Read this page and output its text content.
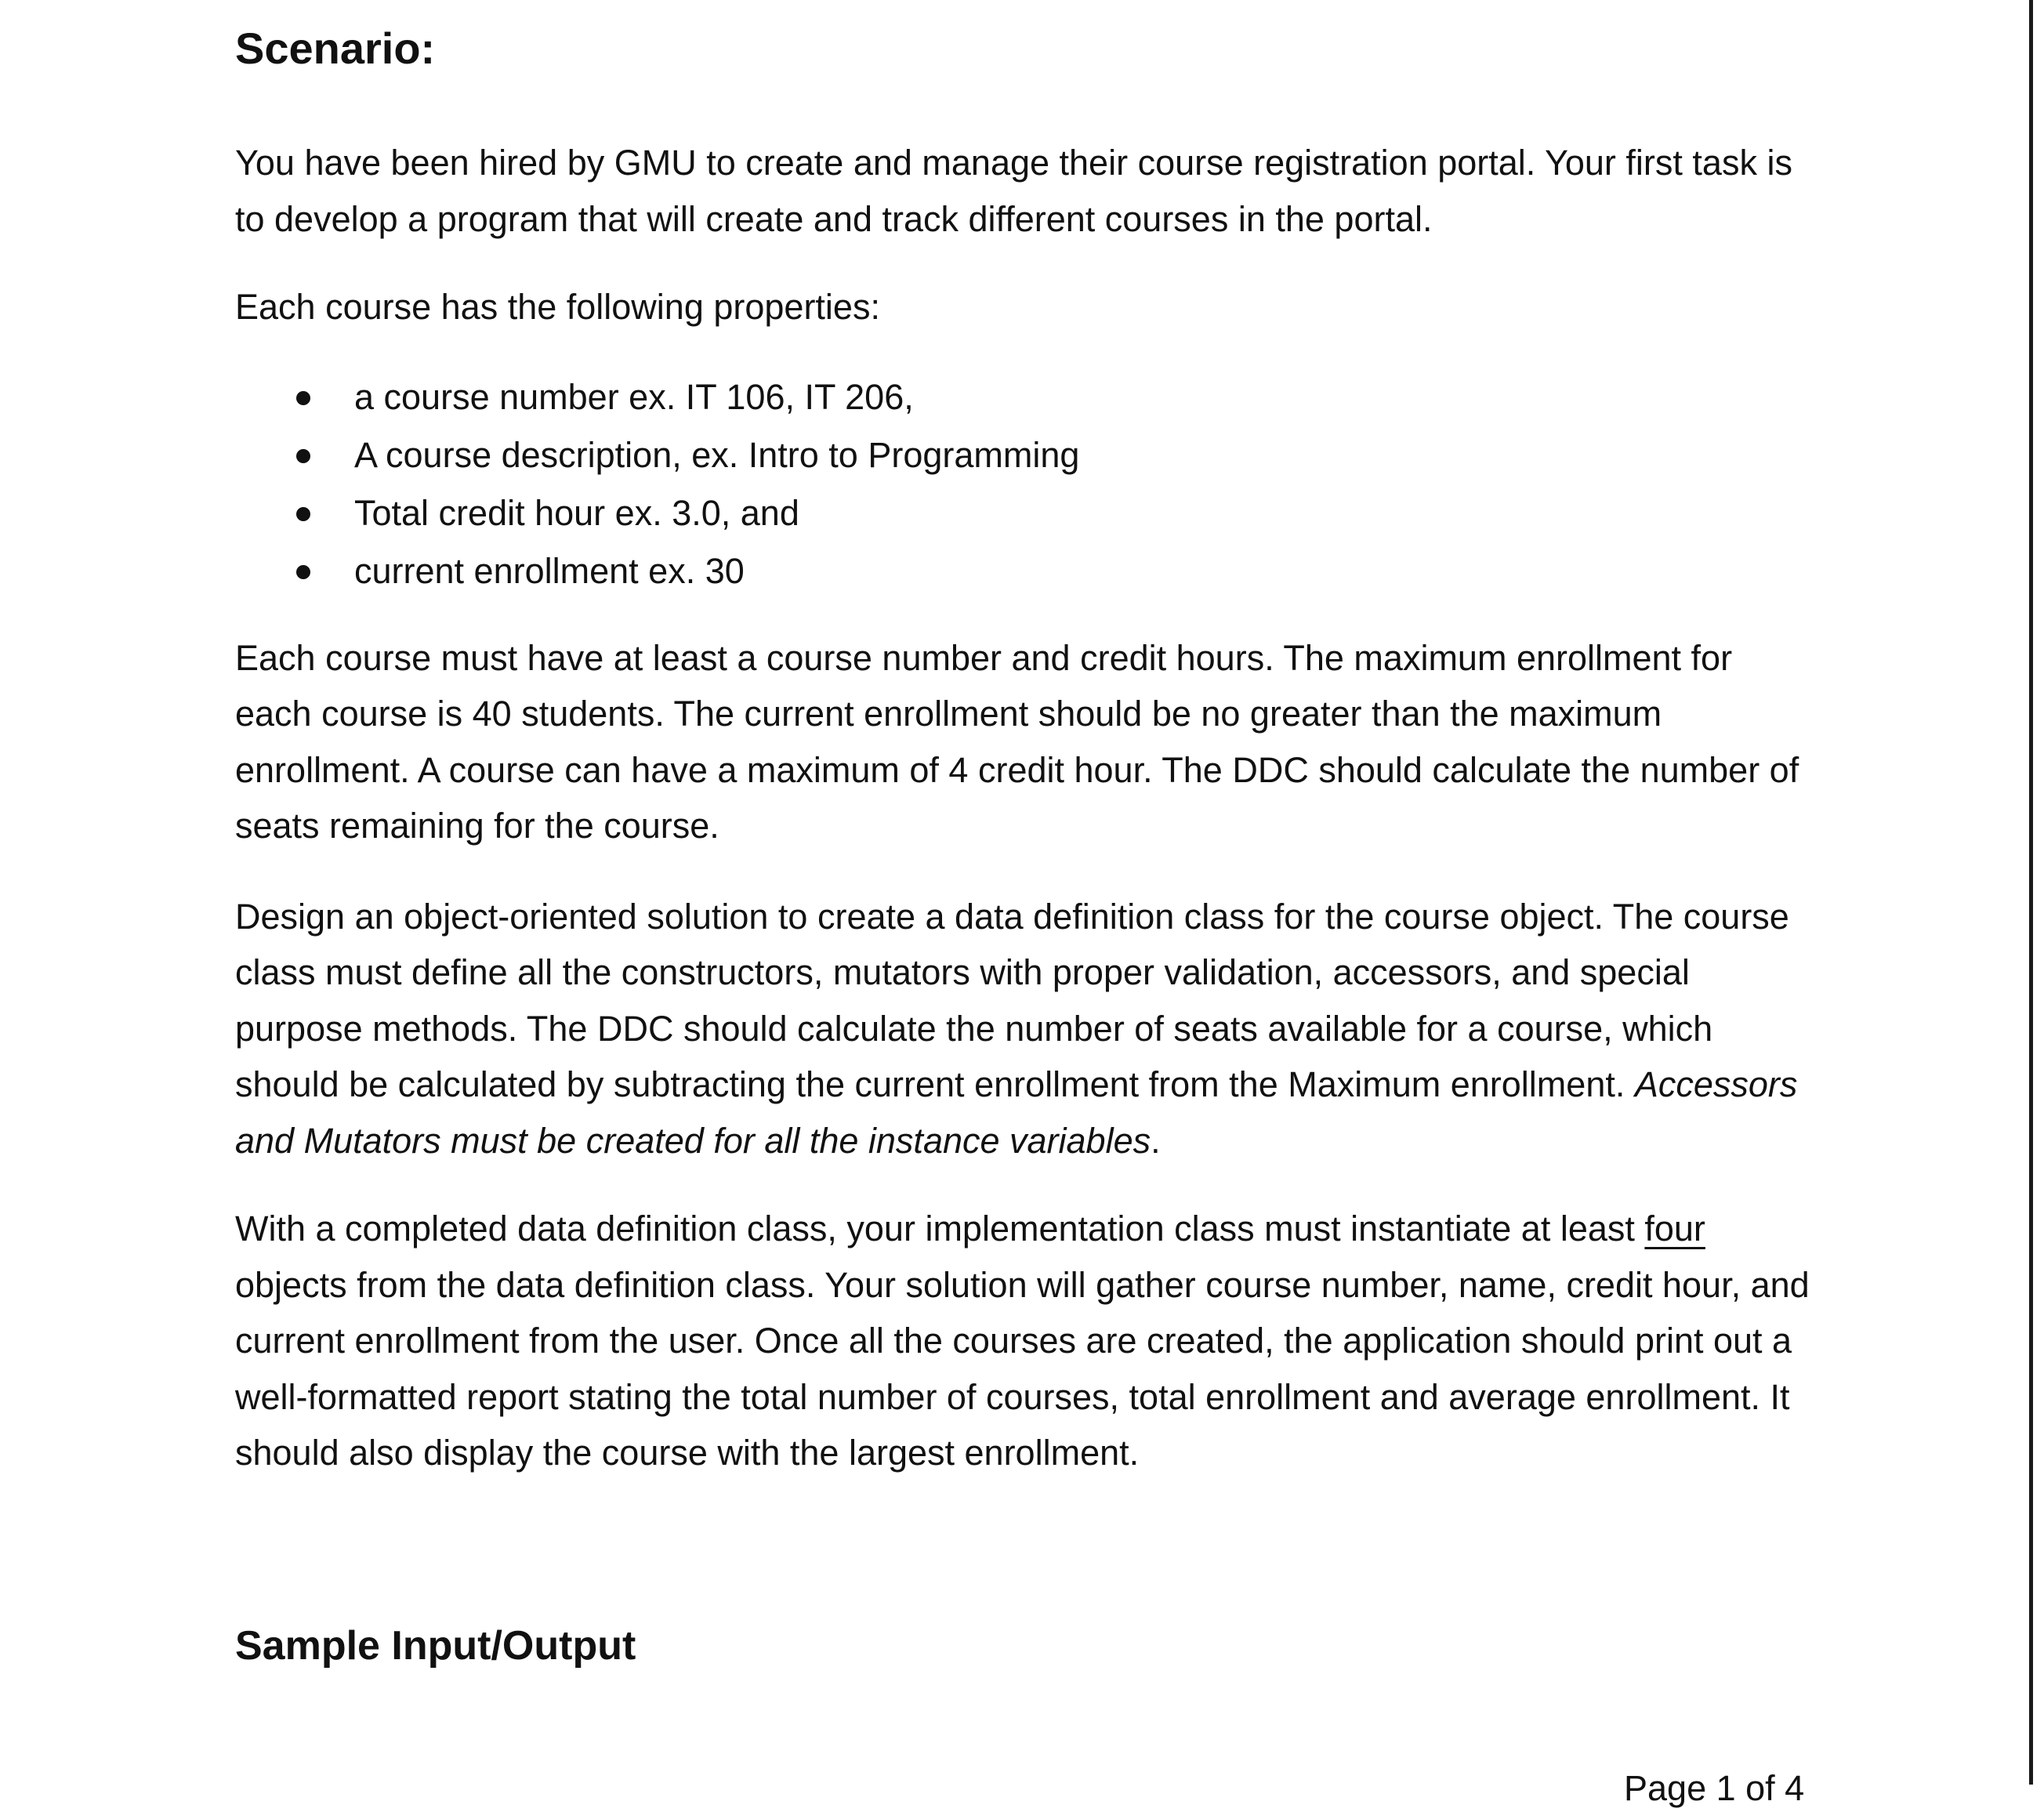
Scenario:

You have been hired by GMU to create and manage their course registration portal. Your first task is to develop a program that will create and track different courses in the portal.

Each course has the following properties:

a course number ex. IT 106, IT 206,
A course description, ex. Intro to Programming
Total credit hour ex. 3.0, and
current enrollment ex. 30

Each course must have at least a course number and credit hours. The maximum enrollment for each course is 40 students. The current enrollment should be no greater than the maximum enrollment. A course can have a maximum of 4 credit hour. The DDC should calculate the number of seats remaining for the course.

Design an object-oriented solution to create a data definition class for the course object. The course class must define all the constructors, mutators with proper validation, accessors, and special purpose methods. The DDC should calculate the number of seats available for a course, which should be calculated by subtracting the current enrollment from the Maximum enrollment. Accessors and Mutators must be created for all the instance variables.

With a completed data definition class, your implementation class must instantiate at least four objects from the data definition class. Your solution will gather course number, name, credit hour, and current enrollment from the user. Once all the courses are created, the application should print out a well-formatted report stating the total number of courses, total enrollment and average enrollment. It should also display the course with the largest enrollment.

Sample Input/Output
Page 1 of 4
